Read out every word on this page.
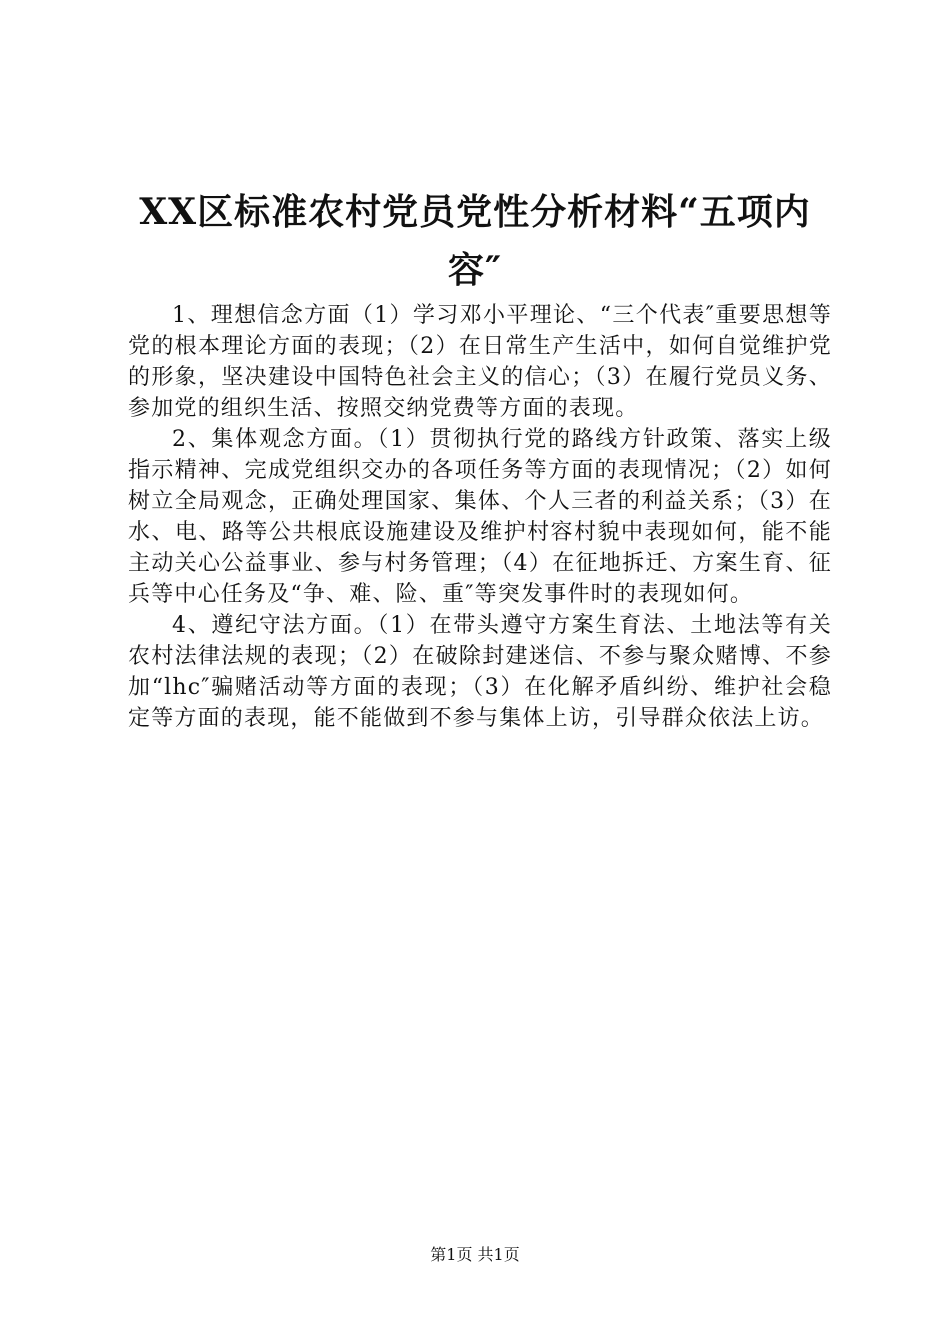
XX区标准农村党员党性分析材料“五项内容″

1、理想信念方面（1）学习邓小平理论、“三个代表″重要思想等党的根本理论方面的表现；（2）在日常生产生活中，如何自觉维护党的形象，坚决建设中国特色社会主义的信心；（3）在履行党员义务、参加党的组织生活、按照交纳党费等方面的表现。

2、集体观念方面。（1）贯彻执行党的路线方针政策、落实上级指示精神、完成党组织交办的各项任务等方面的表现情况；（2）如何树立全局观念，正确处理国家、集体、个人三者的利益关系；（3）在水、电、路等公共根底设施建设及维护村容村貌中表现如何，能不能主动关心公益事业、参与村务管理；（4）在征地拆迁、方案生育、征兵等中心任务及“争、难、险、重″等突发事件时的表现如何。

4、遵纪守法方面。（1）在带头遵守方案生育法、土地法等有关农村法律法规的表现；（2）在破除封建迷信、不参与聚众赌博、不参加“lhc″骗赌活动等方面的表现；（3）在化解矛盾纠纷、维护社会稳定等方面的表现，能不能做到不参与集体上访，引导群众依法上访。

第1页 共1页
